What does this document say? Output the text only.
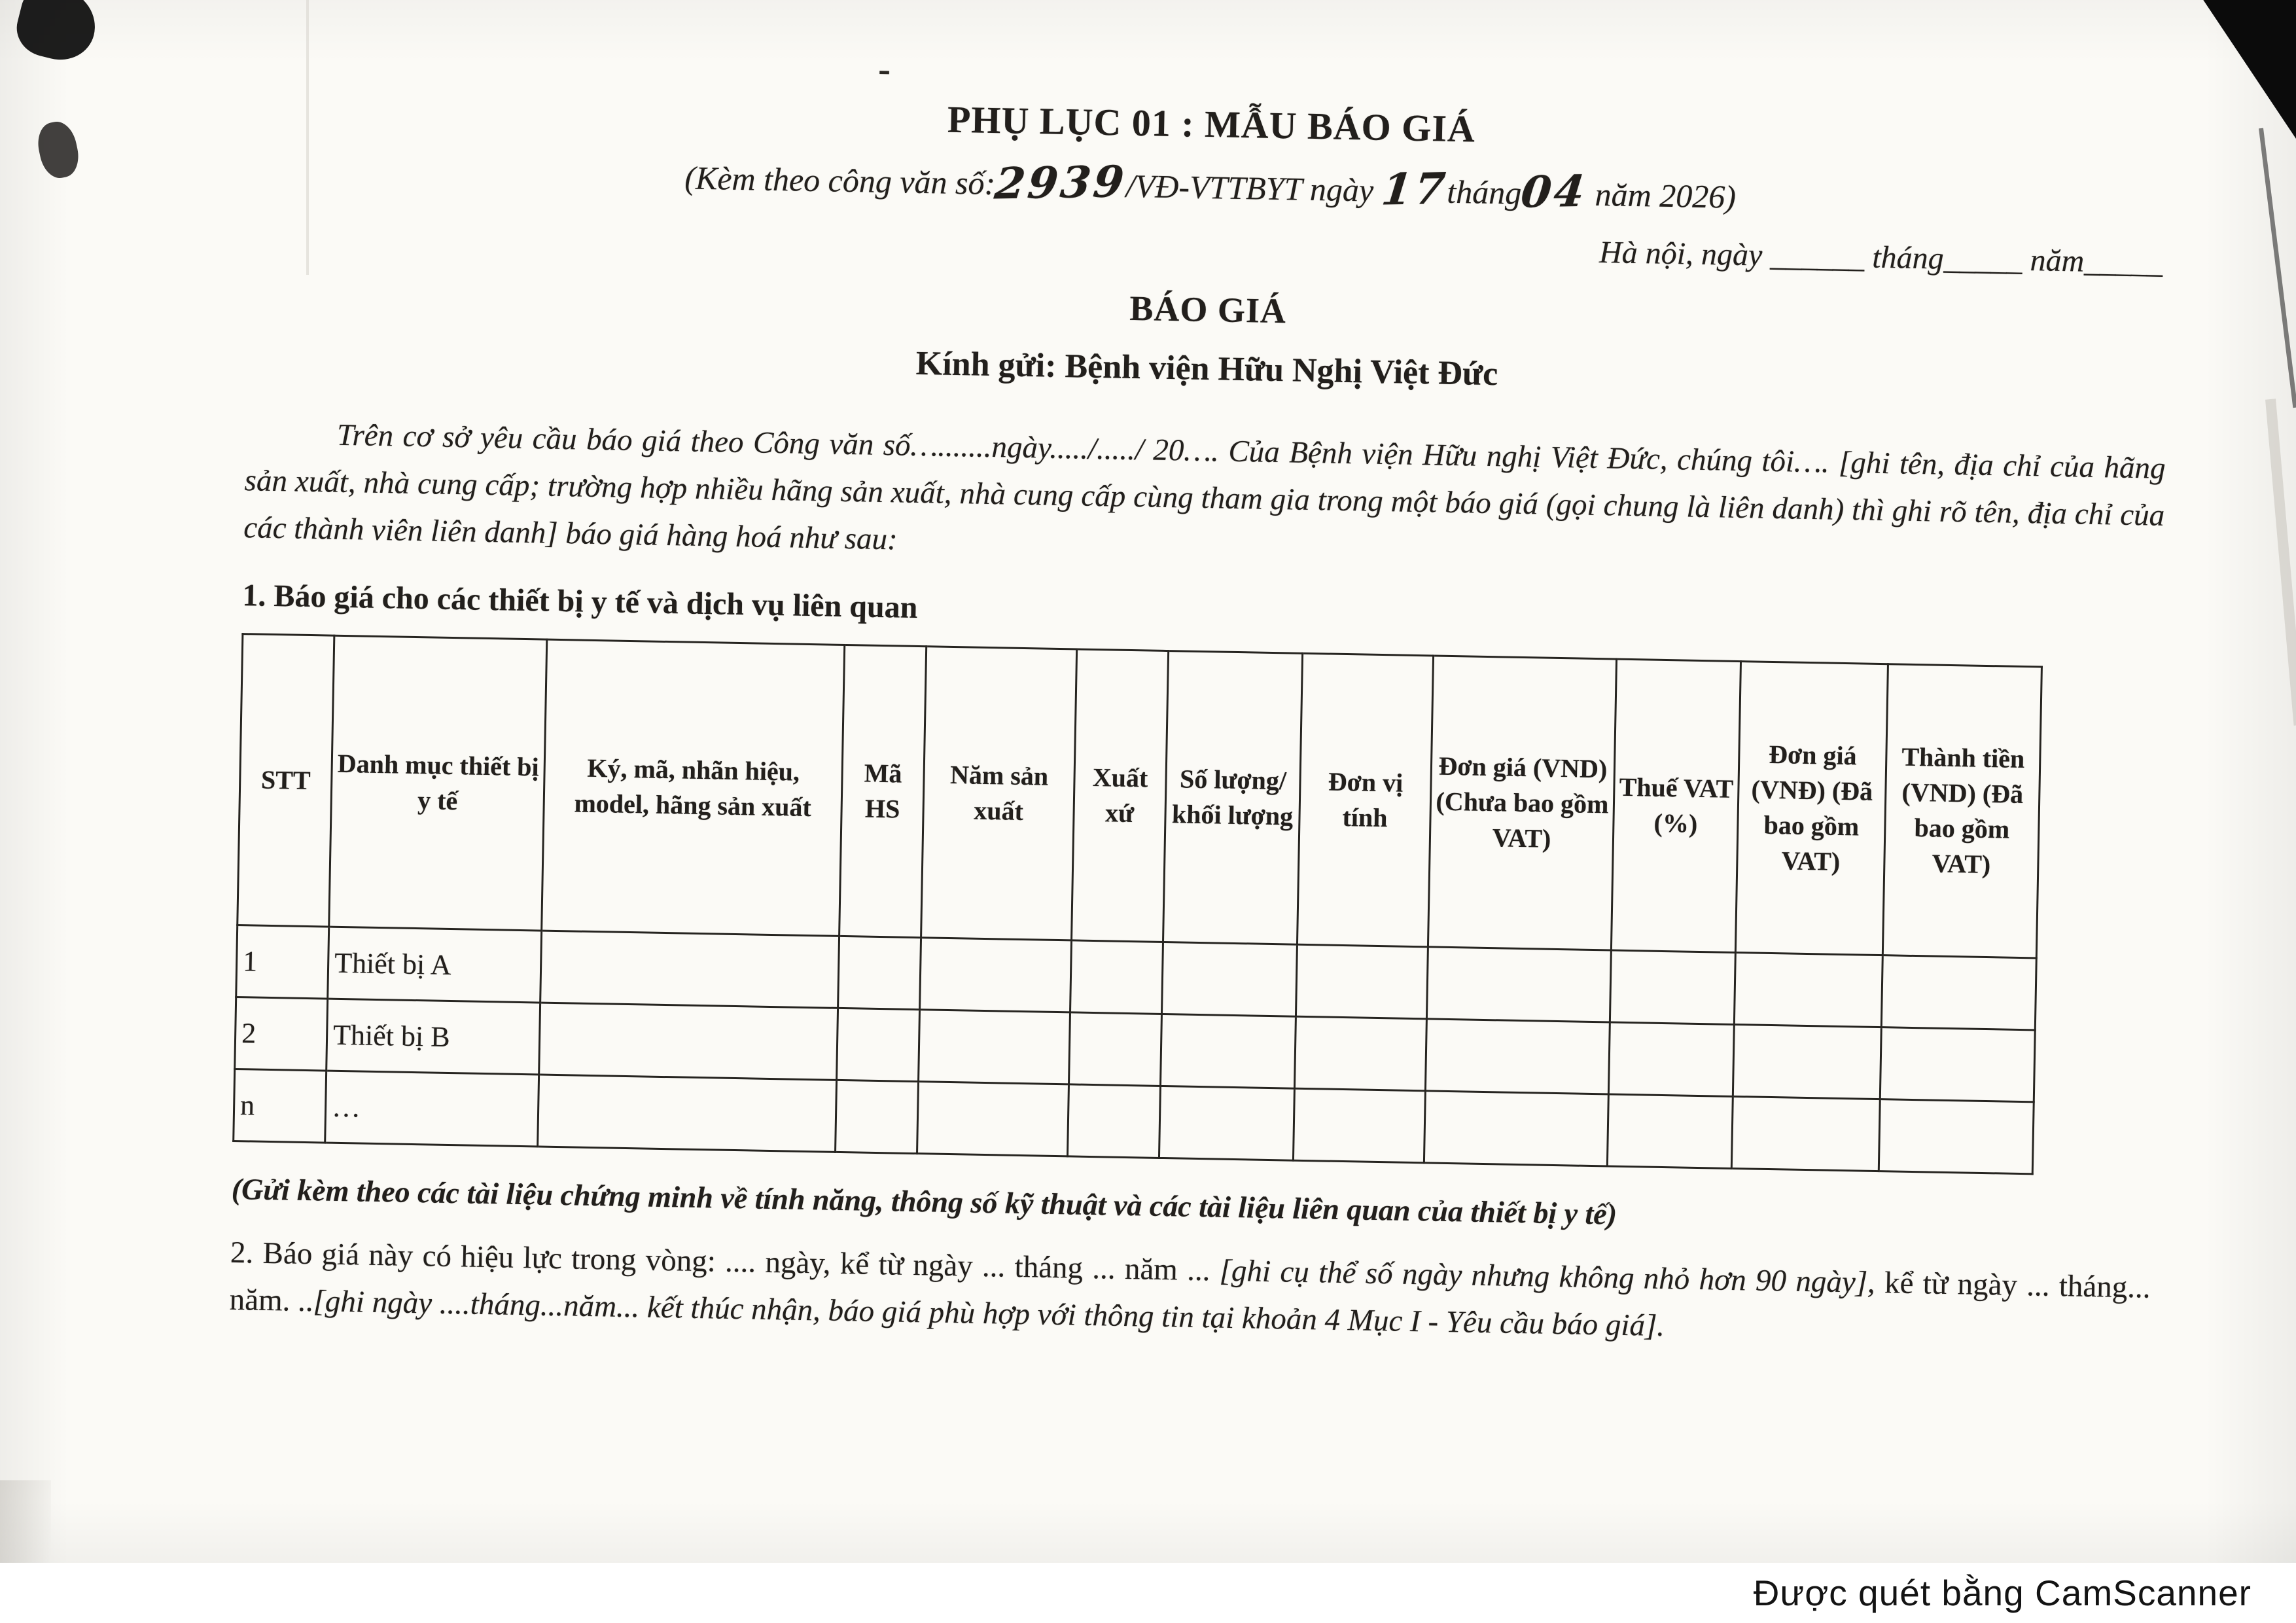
-
PHỤ LỤC 01 : MẪU BÁO GIÁ
(Kèm theo công văn số:2939/VĐ-VTTBYT ngày 17tháng04 năm 2026)
Hà nội, ngày ______ tháng_____ năm_____
BÁO GIÁ
Kính gửi: Bệnh viện Hữu Nghị Việt Đức

Trên cơ sở yêu cầu báo giá theo Công văn số….......ngày...../...../ 20…. Của Bệnh viện Hữu nghị Việt Đức, chúng tôi…. [ghi tên, địa chỉ của hãng sản xuất, nhà cung cấp; trường hợp nhiều hãng sản xuất, nhà cung cấp cùng tham gia trong một báo giá (gọi chung là liên danh) thì ghi rõ tên, địa chỉ của các thành viên liên danh] báo giá hàng hoá như sau:

1. Báo giá cho các thiết bị y tế và dịch vụ liên quan
STT	Danh mục thiết bị y tế	Ký, mã, nhãn hiệu, model, hãng sản xuất	Mã HS	Năm sản xuất	Xuất xứ	Số lượng/ khối lượng	Đơn vị tính	Đơn giá (VND) (Chưa bao gồm VAT)	Thuế VAT (%)	Đơn giá (VNĐ) (Đã bao gồm VAT)	Thành tiền (VND) (Đã bao gồm VAT)
1	Thiết bị A										
2	Thiết bị B										
n	…										
(Gửi kèm theo các tài liệu chứng minh về tính năng, thông số kỹ thuật và các tài liệu liên quan của thiết bị y tế)

2. Báo giá này có hiệu lực trong vòng: .... ngày, kể từ ngày ... tháng ... năm ... [ghi cụ thể số ngày nhưng không nhỏ hơn 90 ngày], kể từ ngày ... tháng... năm. ..[ghi ngày ....tháng...năm... kết thúc nhận, báo giá phù hợp với thông tin tại khoản 4 Mục I - Yêu cầu báo giá].

Được quét bằng CamScanner
